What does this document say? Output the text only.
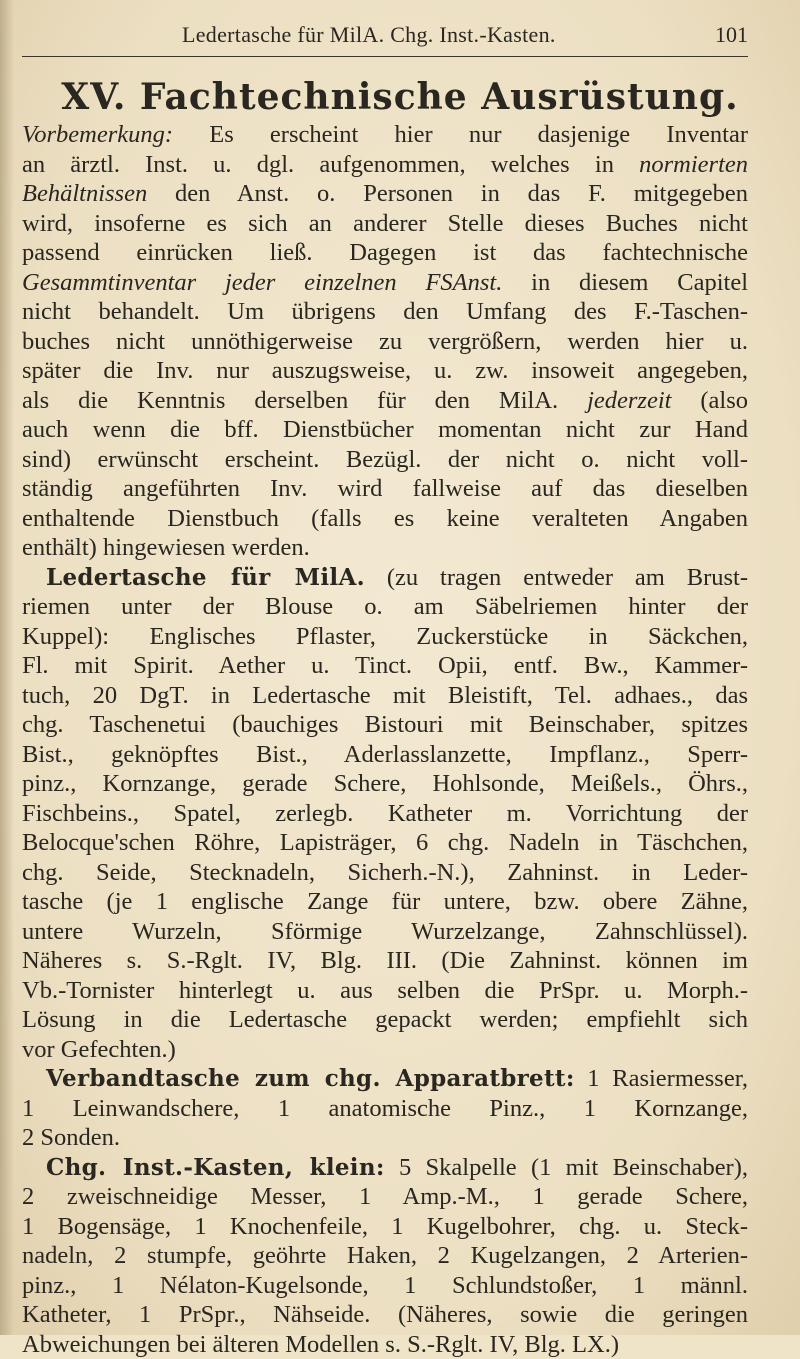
Ledertasche für MilA. Chg. Inst.-Kasten.	101
XV. Fachtechnische Ausrüstung.
Vorbemerkung: Es erscheint hier nur dasjenige Inventar
an ärztl. Inst. u. dgl. aufgenommen, welches in normierten
Behältnissen den Anst. o. Personen in das F. mitgegeben
wird, insoferne es sich an anderer Stelle dieses Buches nicht
passend einrücken ließ. Dagegen ist das fachtechnische
Gesammtinventar jeder einzelnen FSAnst. in diesem Capitel
nicht behandelt. Um übrigens den Umfang des F.-Taschen-
buches nicht unnöthigerweise zu vergrößern, werden hier u.
später die Inv. nur auszugsweise, u. zw. insoweit angegeben,
als die Kenntnis derselben für den MilA. jederzeit (also
auch wenn die bff. Dienstbücher momentan nicht zur Hand
sind) erwünscht erscheint. Bezügl. der nicht o. nicht voll-
ständig angeführten Inv. wird fallweise auf das dieselben
enthaltende Dienstbuch (falls es keine veralteten Angaben
enthält) hingewiesen werden.
Ledertasche für MilA. (zu tragen entweder am Brust-
riemen unter der Blouse o. am Säbelriemen hinter der
Kuppel): Englisches Pflaster, Zuckerstücke in Säckchen,
Fl. mit Spirit. Aether u. Tinct. Opii, entf. Bw., Kammer-
tuch, 20 DgT. in Ledertasche mit Bleistift, Tel. adhaes., das
chg. Taschenetui (bauchiges Bistouri mit Beinschaber, spitzes
Bist., geknöpftes Bist., Aderlasslanzette, Impflanz., Sperr-
pinz., Kornzange, gerade Schere, Hohlsonde, Meißels., Öhrs.,
Fischbeins., Spatel, zerlegb. Katheter m. Vorrichtung der
Belocque'schen Röhre, Lapisträger, 6 chg. Nadeln in Täschchen,
chg. Seide, Stecknadeln, Sicherh.-N.), Zahninst. in Leder-
tasche (je 1 englische Zange für untere, bzw. obere Zähne,
untere Wurzeln, Sförmige Wurzelzange, Zahnschlüssel).
Näheres s. S.-Rglt. IV, Blg. III. (Die Zahninst. können im
Vb.-Tornister hinterlegt u. aus selben die PrSpr. u. Morph.-
Lösung in die Ledertasche gepackt werden; empfiehlt sich
vor Gefechten.)
Verbandtasche zum chg. Apparatbrett: 1 Rasiermesser,
1 Leinwandschere, 1 anatomische Pinz., 1 Kornzange,
2 Sonden.
Chg. Inst.-Kasten, klein: 5 Skalpelle (1 mit Beinschaber),
2 zweischneidige Messer, 1 Amp.-M., 1 gerade Schere,
1 Bogensäge, 1 Knochenfeile, 1 Kugelbohrer, chg. u. Steck-
nadeln, 2 stumpfe, geöhrte Haken, 2 Kugelzangen, 2 Arterien-
pinz., 1 Nélaton-Kugelsonde, 1 Schlundstoßer, 1 männl.
Katheter, 1 PrSpr., Nähseide. (Näheres, sowie die geringen
Abweichungen bei älteren Modellen s. S.-Rglt. IV, Blg. LX.)
